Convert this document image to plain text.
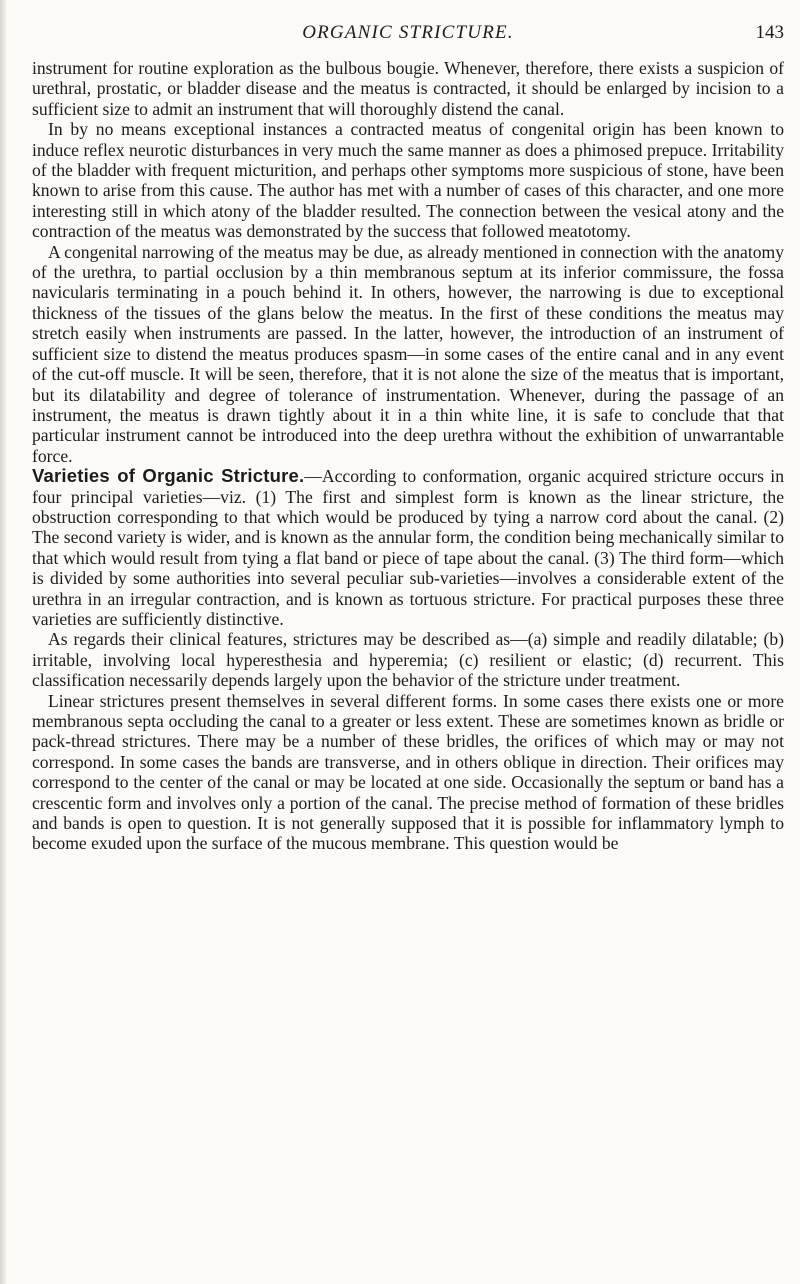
ORGANIC STRICTURE.	143

instrument for routine exploration as the bulbous bougie. Whenever, therefore, there exists a suspicion of urethral, prostatic, or bladder disease and the meatus is contracted, it should be enlarged by incision to a sufficient size to admit an instrument that will thoroughly distend the canal.

In by no means exceptional instances a contracted meatus of congenital origin has been known to induce reflex neurotic disturbances in very much the same manner as does a phimosed prepuce. Irritability of the bladder with frequent micturition, and perhaps other symptoms more suspicious of stone, have been known to arise from this cause. The author has met with a number of cases of this character, and one more interesting still in which atony of the bladder resulted. The connection between the vesical atony and the contraction of the meatus was demonstrated by the success that followed meatotomy.

A congenital narrowing of the meatus may be due, as already mentioned in connection with the anatomy of the urethra, to partial occlusion by a thin membranous septum at its inferior commissure, the fossa navicularis terminating in a pouch behind it. In others, however, the narrowing is due to exceptional thickness of the tissues of the glans below the meatus. In the first of these conditions the meatus may stretch easily when instruments are passed. In the latter, however, the introduction of an instrument of sufficient size to distend the meatus produces spasm—in some cases of the entire canal and in any event of the cut-off muscle. It will be seen, therefore, that it is not alone the size of the meatus that is important, but its dilatability and degree of tolerance of instrumentation. Whenever, during the passage of an instrument, the meatus is drawn tightly about it in a thin white line, it is safe to conclude that that particular instrument cannot be introduced into the deep urethra without the exhibition of unwarrantable force.

Varieties of Organic Stricture.—According to conformation, organic acquired stricture occurs in four principal varieties—viz. (1) The first and simplest form is known as the linear stricture, the obstruction corresponding to that which would be produced by tying a narrow cord about the canal. (2) The second variety is wider, and is known as the annular form, the condition being mechanically similar to that which would result from tying a flat band or piece of tape about the canal. (3) The third form—which is divided by some authorities into several peculiar sub-varieties—involves a considerable extent of the urethra in an irregular contraction, and is known as tortuous stricture. For practical purposes these three varieties are sufficiently distinctive.

As regards their clinical features, strictures may be described as—(a) simple and readily dilatable; (b) irritable, involving local hyperesthesia and hyperemia; (c) resilient or elastic; (d) recurrent. This classification necessarily depends largely upon the behavior of the stricture under treatment.

Linear strictures present themselves in several different forms. In some cases there exists one or more membranous septa occluding the canal to a greater or less extent. These are sometimes known as bridle or pack-thread strictures. There may be a number of these bridles, the orifices of which may or may not correspond. In some cases the bands are transverse, and in others oblique in direction. Their orifices may correspond to the center of the canal or may be located at one side. Occasionally the septum or band has a crescentic form and involves only a portion of the canal. The precise method of formation of these bridles and bands is open to question. It is not generally supposed that it is possible for inflammatory lymph to become exuded upon the surface of the mucous membrane. This question would be
